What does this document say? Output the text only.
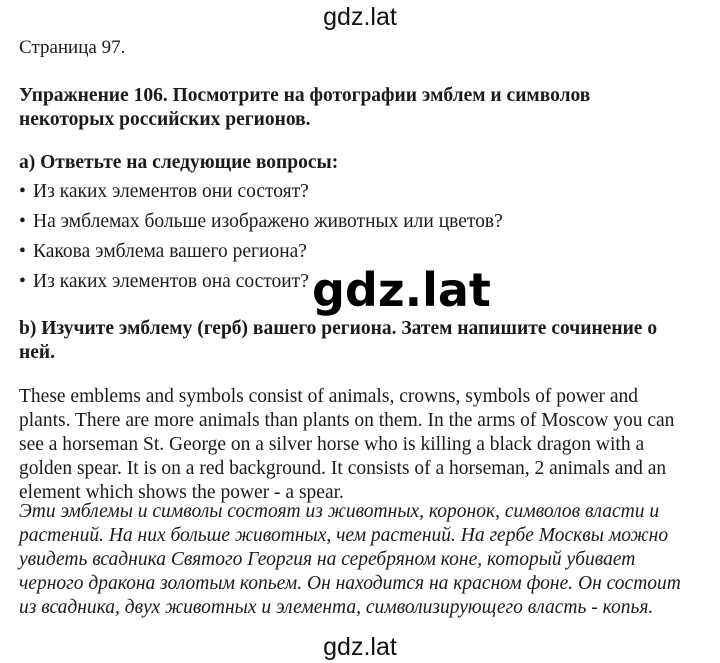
gdz.lat
Страница 97.
Упражнение 106. Посмотрите на фотографии эмблем и символов
некоторых российских регионов.
a) Ответьте на следующие вопросы:
• Из каких элементов они состоят?
• На эмблемах больше изображено животных или цветов?
• Какова эмблема вашего региона?
• Из каких элементов она состоит?
b) Изучите эмблему (герб) вашего региона. Затем напишите сочинение о
ней.
These emblems and symbols consist of animals, crowns, symbols of power and
plants. There are more animals than plants on them. In the arms of Moscow you can
see a horseman St. George on a silver horse who is killing a black dragon with a
golden spear. It is on a red background. It consists of a horseman, 2 animals and an
element which shows the power - a spear.
Эти эмблемы и символы состоят из животных, коронок, символов власти и
растений. На них больше животных, чем растений. На гербе Москвы можно
увидеть всадника Святого Георгия на серебряном коне, который убивает
черного дракона золотым копьем. Он находится на красном фоне. Он состоит
из всадника, двух животных и элемента, символизирующего власть - копья.
gdz.lat
gdz.lat
